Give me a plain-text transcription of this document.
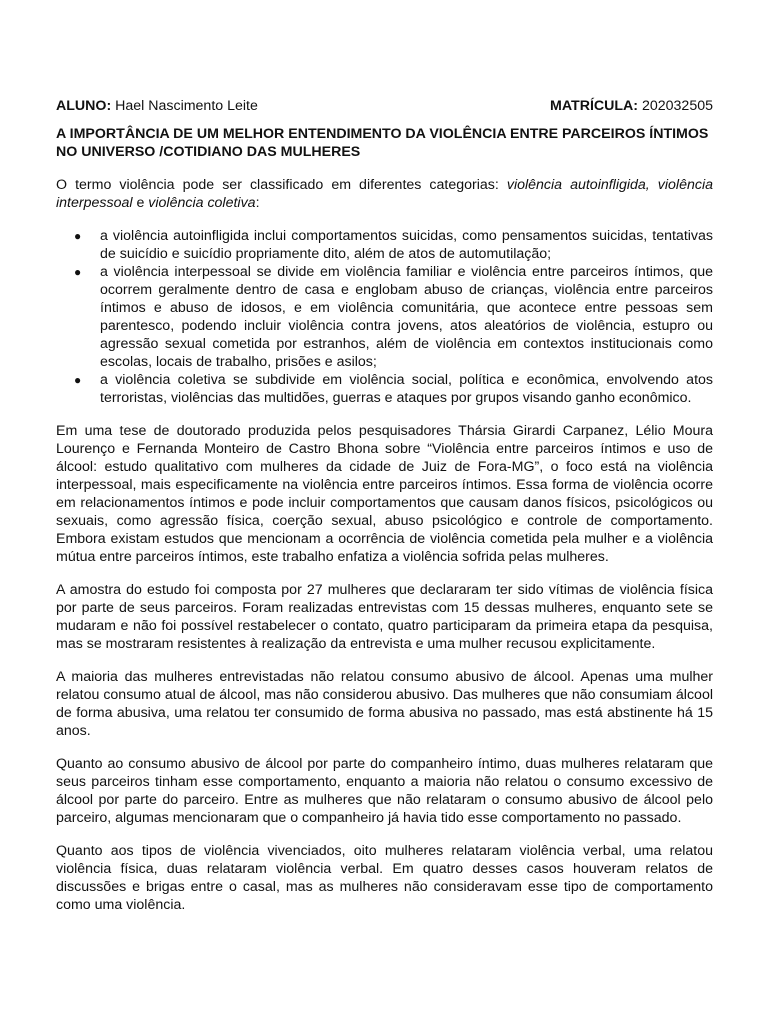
ALUNO: Hael Nascimento Leite	MATRÍCULA: 202032505
A IMPORTÂNCIA DE UM MELHOR ENTENDIMENTO DA VIOLÊNCIA ENTRE PARCEIROS ÍNTIMOS NO UNIVERSO /COTIDIANO DAS MULHERES

O termo violência pode ser classificado em diferentes categorias: violência autoinfligida, violência interpessoal e violência coletiva:

● a violência autoinfligida inclui comportamentos suicidas, como pensamentos suicidas, tentativas de suicídio e suicídio propriamente dito, além de atos de automutilação;
● a violência interpessoal se divide em violência familiar e violência entre parceiros íntimos, que ocorrem geralmente dentro de casa e englobam abuso de crianças, violência entre parceiros íntimos e abuso de idosos, e em violência comunitária, que acontece entre pessoas sem parentesco, podendo incluir violência contra jovens, atos aleatórios de violência, estupro ou agressão sexual cometida por estranhos, além de violência em contextos institucionais como escolas, locais de trabalho, prisões e asilos;
● a violência coletiva se subdivide em violência social, política e econômica, envolvendo atos terroristas, violências das multidões, guerras e ataques por grupos visando ganho econômico.

Em uma tese de doutorado produzida pelos pesquisadores Thársia Girardi Carpanez, Lélio Moura Lourenço e Fernanda Monteiro de Castro Bhona sobre “Violência entre parceiros íntimos e uso de álcool: estudo qualitativo com mulheres da cidade de Juiz de Fora-MG”, o foco está na violência interpessoal, mais especificamente na violência entre parceiros íntimos. Essa forma de violência ocorre em relacionamentos íntimos e pode incluir comportamentos que causam danos físicos, psicológicos ou sexuais, como agressão física, coerção sexual, abuso psicológico e controle de comportamento. Embora existam estudos que mencionam a ocorrência de violência cometida pela mulher e a violência mútua entre parceiros íntimos, este trabalho enfatiza a violência sofrida pelas mulheres.

A amostra do estudo foi composta por 27 mulheres que declararam ter sido vítimas de violência física por parte de seus parceiros. Foram realizadas entrevistas com 15 dessas mulheres, enquanto sete se mudaram e não foi possível restabelecer o contato, quatro participaram da primeira etapa da pesquisa, mas se mostraram resistentes à realização da entrevista e uma mulher recusou explicitamente.

A maioria das mulheres entrevistadas não relatou consumo abusivo de álcool. Apenas uma mulher relatou consumo atual de álcool, mas não considerou abusivo. Das mulheres que não consumiam álcool de forma abusiva, uma relatou ter consumido de forma abusiva no passado, mas está abstinente há 15 anos.

Quanto ao consumo abusivo de álcool por parte do companheiro íntimo, duas mulheres relataram que seus parceiros tinham esse comportamento, enquanto a maioria não relatou o consumo excessivo de álcool por parte do parceiro. Entre as mulheres que não relataram o consumo abusivo de álcool pelo parceiro, algumas mencionaram que o companheiro já havia tido esse comportamento no passado.

Quanto aos tipos de violência vivenciados, oito mulheres relataram violência verbal, uma relatou violência física, duas relataram violência verbal. Em quatro desses casos houveram relatos de discussões e brigas entre o casal, mas as mulheres não consideravam esse tipo de comportamento como uma violência.
